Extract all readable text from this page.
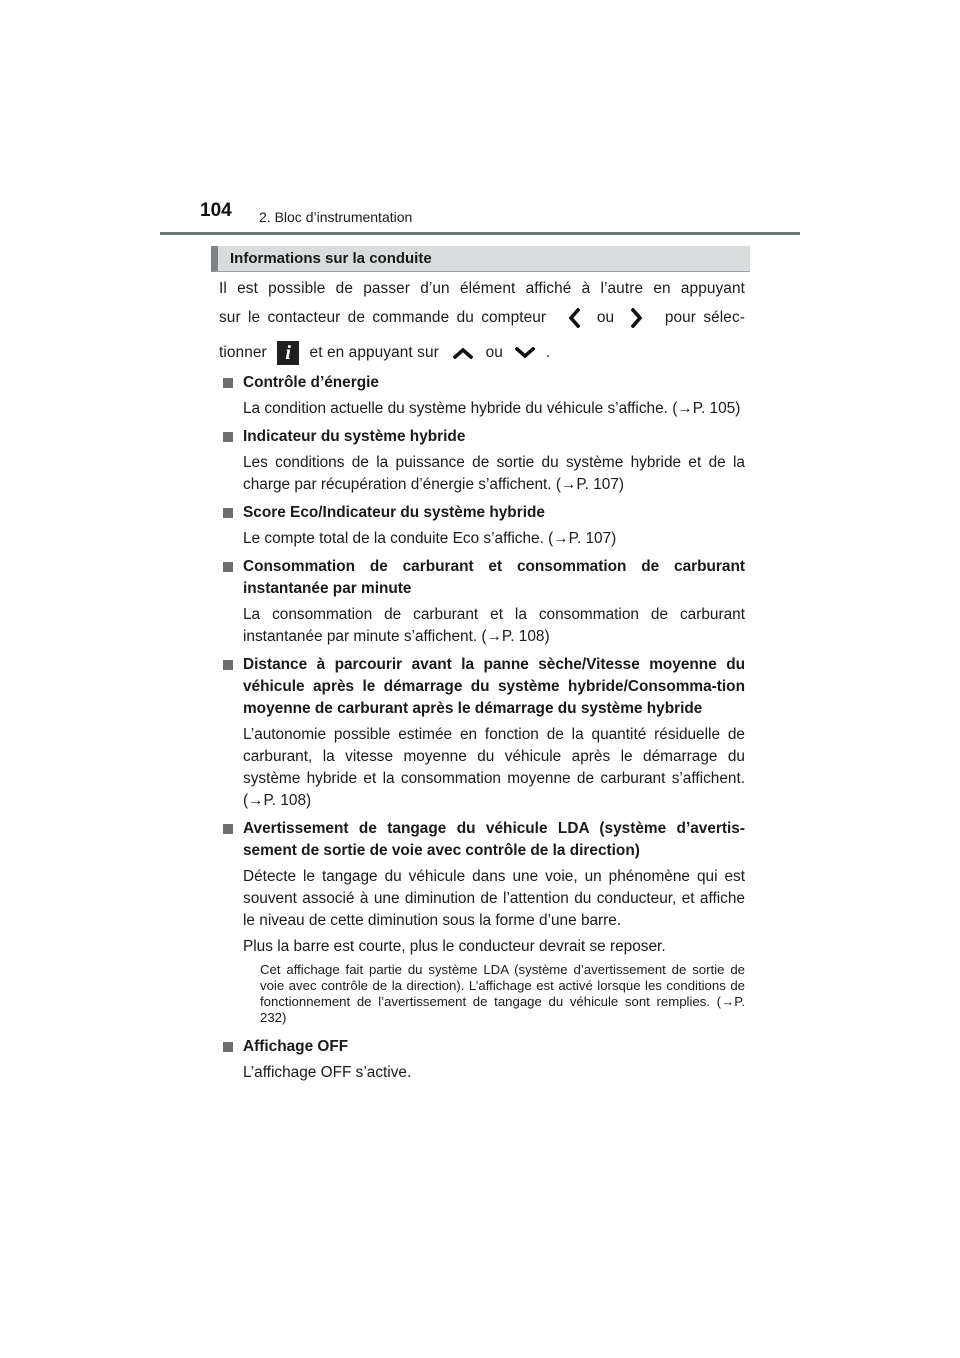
104 2. Bloc d’instrumentation
Informations sur la conduite
Il est possible de passer d’un élément affiché à l’autre en appuyant
sur le contacteur de commande du compteur	ou	pour sélec-
tionner i	et en appuyant sur	ou	.
Contrôle d’énergie

La condition actuelle du système hybride du véhicule s’affiche. (→P. 105)

Indicateur du système hybride

Les conditions de la puissance de sortie du système hybride et de la charge par récupération d’énergie s’affichent. (→P. 107)

Score Eco/Indicateur du système hybride

Le compte total de la conduite Eco s’affiche. (→P. 107)

Consommation de carburant et consommation de carburant instantanée par minute

La consommation de carburant et la consommation de carburant instantanée par minute s’affichent. (→P. 108)

Distance à parcourir avant la panne sèche/Vitesse moyenne du véhicule après le démarrage du système hybride/Consomma-tion moyenne de carburant après le démarrage du système hybride

L’autonomie possible estimée en fonction de la quantité résiduelle de carburant, la vitesse moyenne du véhicule après le démarrage du système hybride et la consommation moyenne de carburant s’affichent. (→P. 108)

Avertissement de tangage du véhicule LDA (système d’avertis-sement de sortie de voie avec contrôle de la direction)

Détecte le tangage du véhicule dans une voie, un phénomène qui est souvent associé à une diminution de l’attention du conducteur, et affiche le niveau de cette diminution sous la forme d’une barre.

Plus la barre est courte, plus le conducteur devrait se reposer.

Cet affichage fait partie du système LDA (système d’avertissement de sortie de voie avec contrôle de la direction). L’affichage est activé lorsque les conditions de fonctionnement de l’avertissement de tangage du véhicule sont remplies. (→P. 232)
Affichage OFF

L’affichage OFF s’active.
